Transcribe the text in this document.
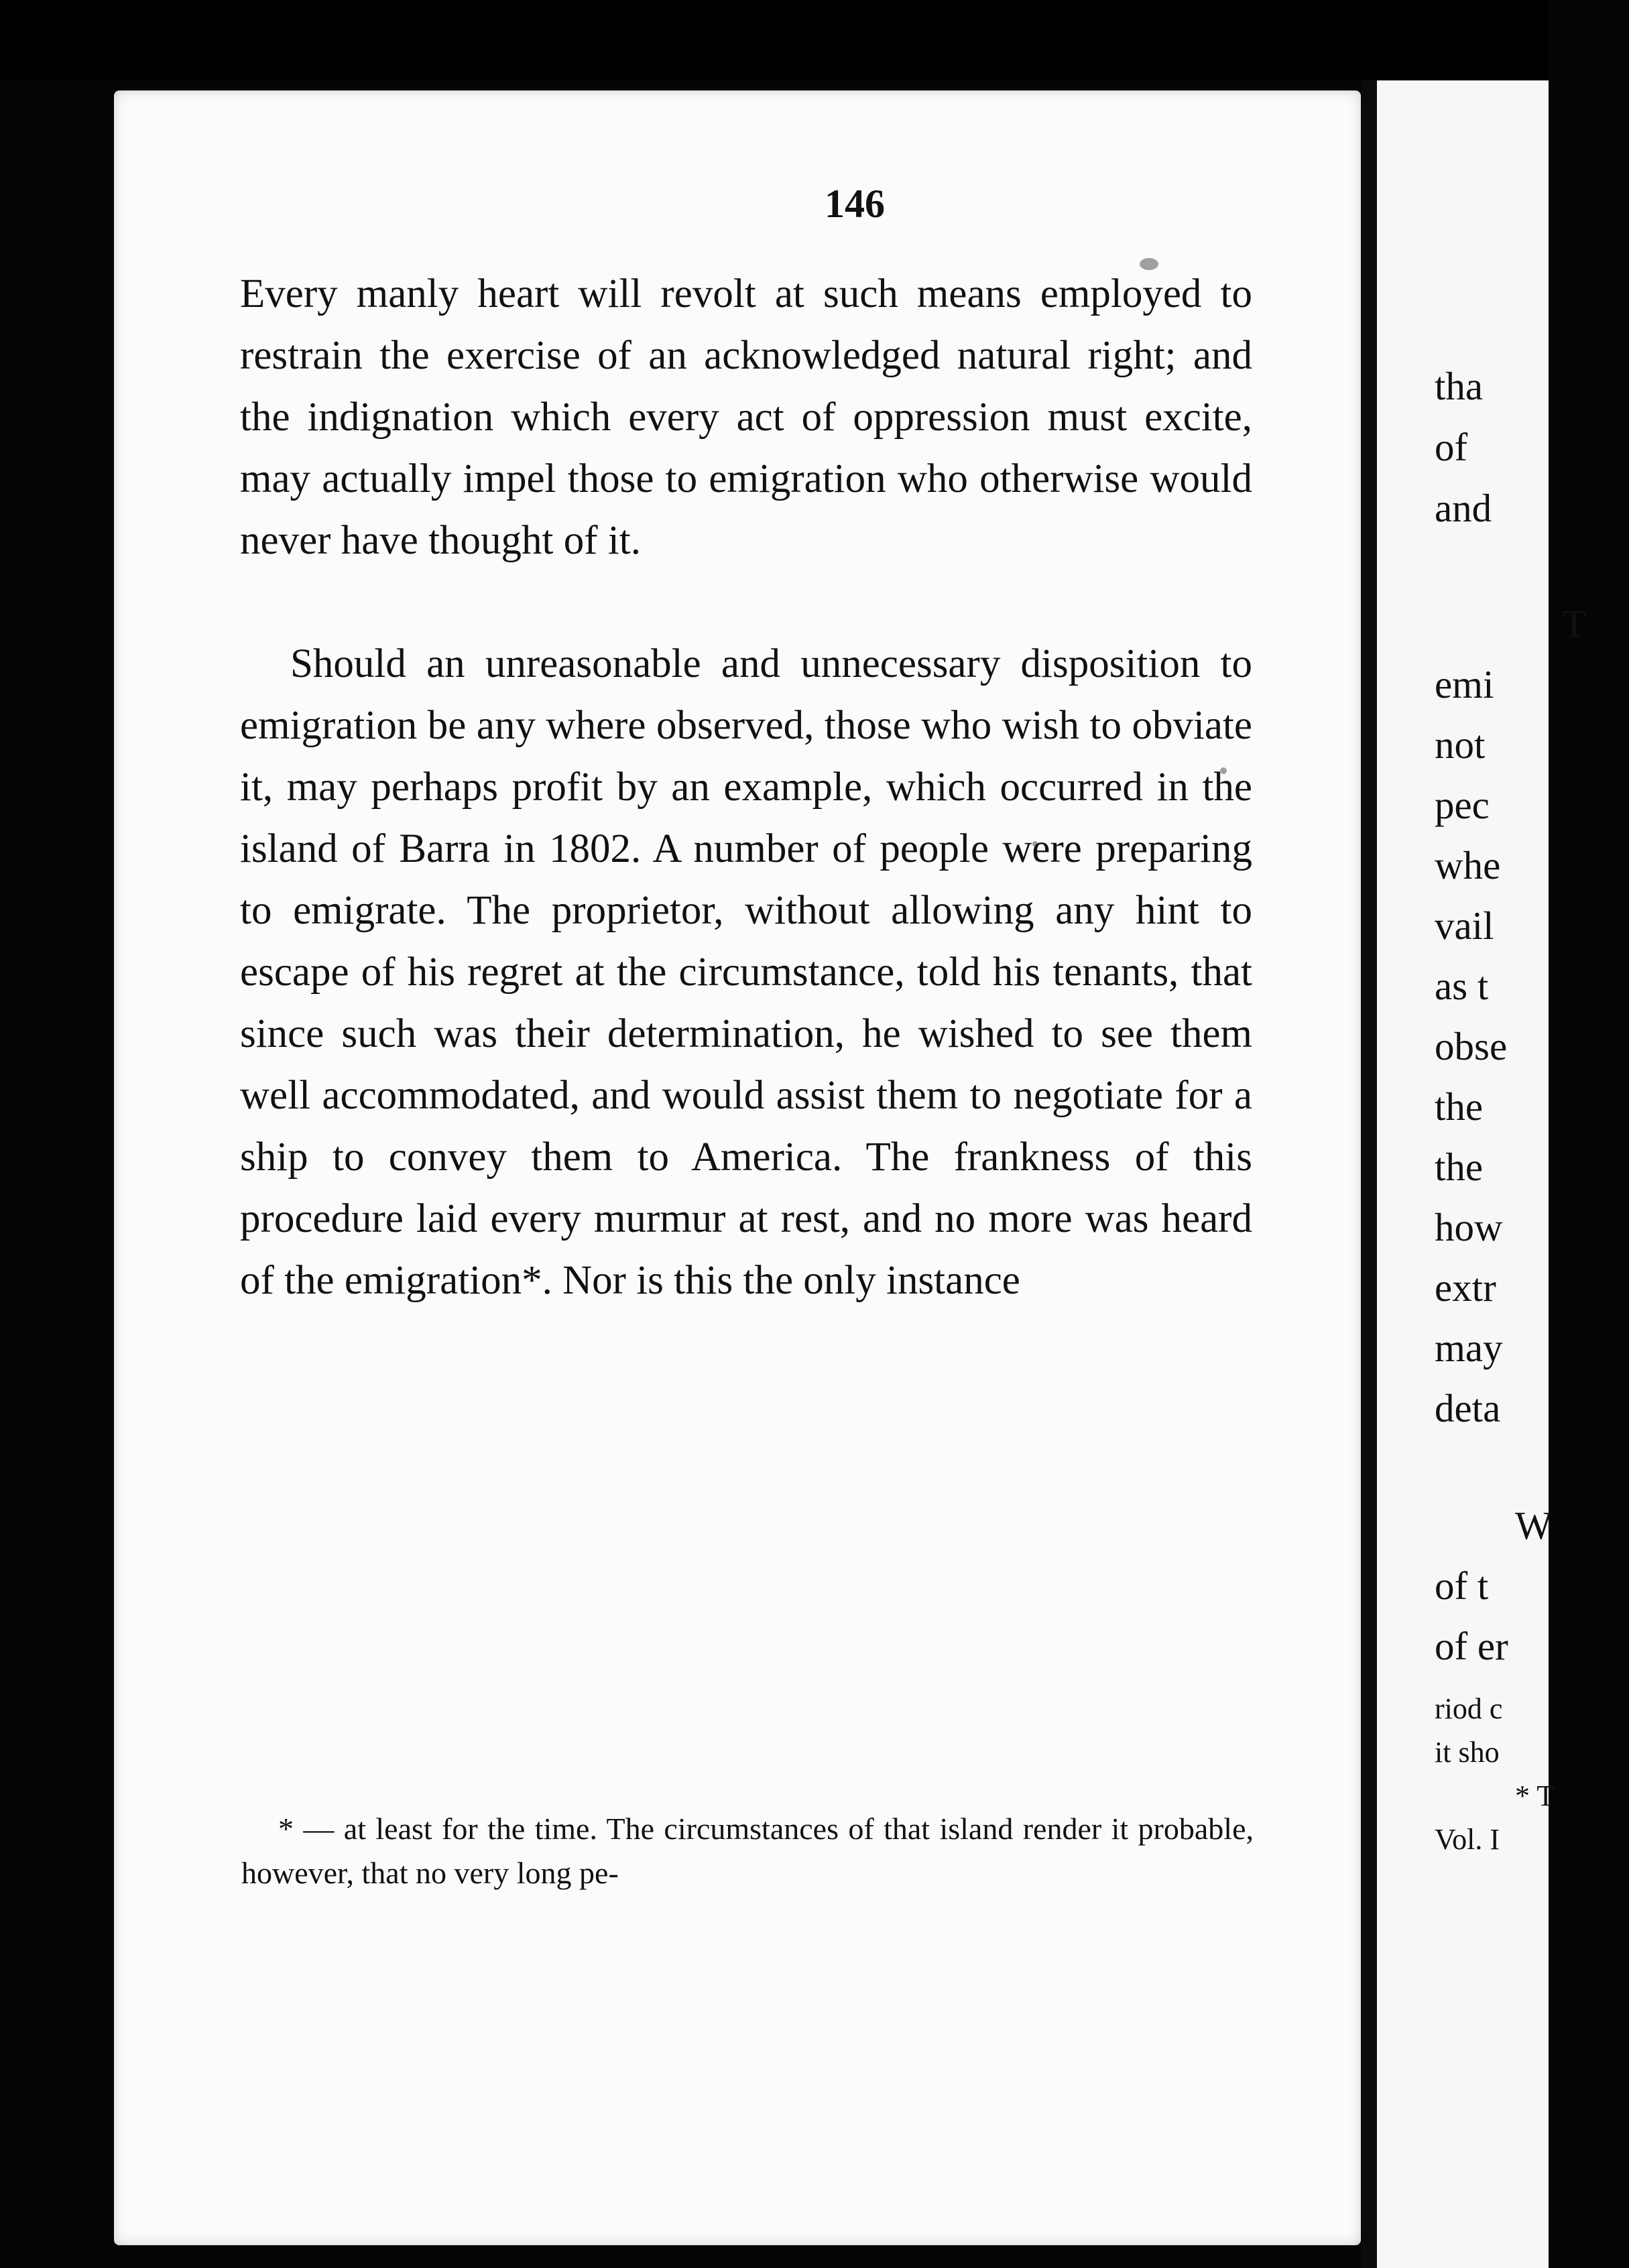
tha
of
and
T
emi
not
pec
whe
vail
as t
obse
the
the
how
extr
may
deta
W
of t
of er
riod c
it sho
* T
Vol. I
146

Every manly heart will revolt at such means employed to restrain the exercise of an acknowledged natural right; and the indignation which every act of oppression must excite, may actually impel those to emigration who otherwise would never have thought of it.

Should an unreasonable and unnecessary disposition to emigration be any where observed, those who wish to obviate it, may perhaps profit by an example, which occurred in the island of Barra in 1802. A number of people were preparing to emigrate. The proprietor, without allowing any hint to escape of his regret at the circumstance, told his tenants, that since such was their determination, he wished to see them well accommodated, and would assist them to negotiate for a ship to convey them to America. The frankness of this procedure laid every murmur at rest, and no more was heard of the emigration*. Nor is this the only instance

* — at least for the time. The circumstances of that island render it probable, however, that no very long pe-
